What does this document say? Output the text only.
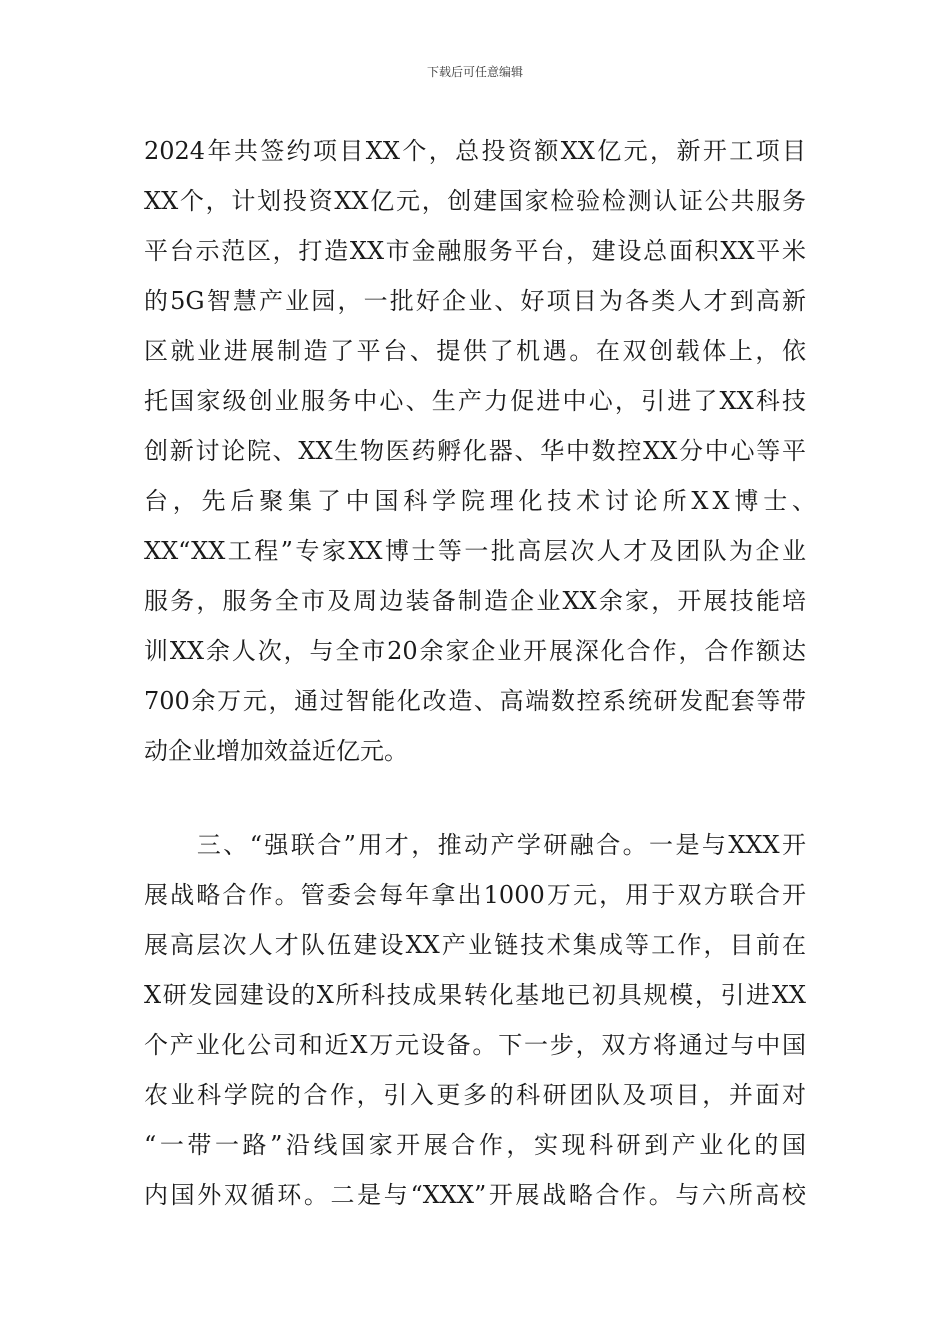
下载后可任意编辑
2024年共签约项目XX个，总投资额XX亿元，新开工项目
XX个，计划投资XX亿元，创建国家检验检测认证公共服务
平台示范区，打造XX市金融服务平台，建设总面积XX平米
的5G智慧产业园，一批好企业、好项目为各类人才到高新
区就业进展制造了平台、提供了机遇。在双创载体上，依
托国家级创业服务中心、生产力促进中心，引进了XX科技
创新讨论院、XX生物医药孵化器、华中数控XX分中心等平
台，先后聚集了中国科学院理化技术讨论所XX博士、
XX“XX工程”专家XX博士等一批高层次人才及团队为企业
服务，服务全市及周边装备制造企业XX余家，开展技能培
训XX余人次，与全市20余家企业开展深化合作，合作额达
700余万元，通过智能化改造、高端数控系统研发配套等带
动企业增加效益近亿元。
　　三、“强联合”用才，推动产学研融合。一是与XXX开
展战略合作。管委会每年拿出1000万元，用于双方联合开
展高层次人才队伍建设XX产业链技术集成等工作，目前在
X研发园建设的X所科技成果转化基地已初具规模，引进XX
个产业化公司和近X万元设备。下一步，双方将通过与中国
农业科学院的合作，引入更多的科研团队及项目，并面对
“一带一路”沿线国家开展合作，实现科研到产业化的国
内国外双循环。二是与“XXX”开展战略合作。与六所高校
